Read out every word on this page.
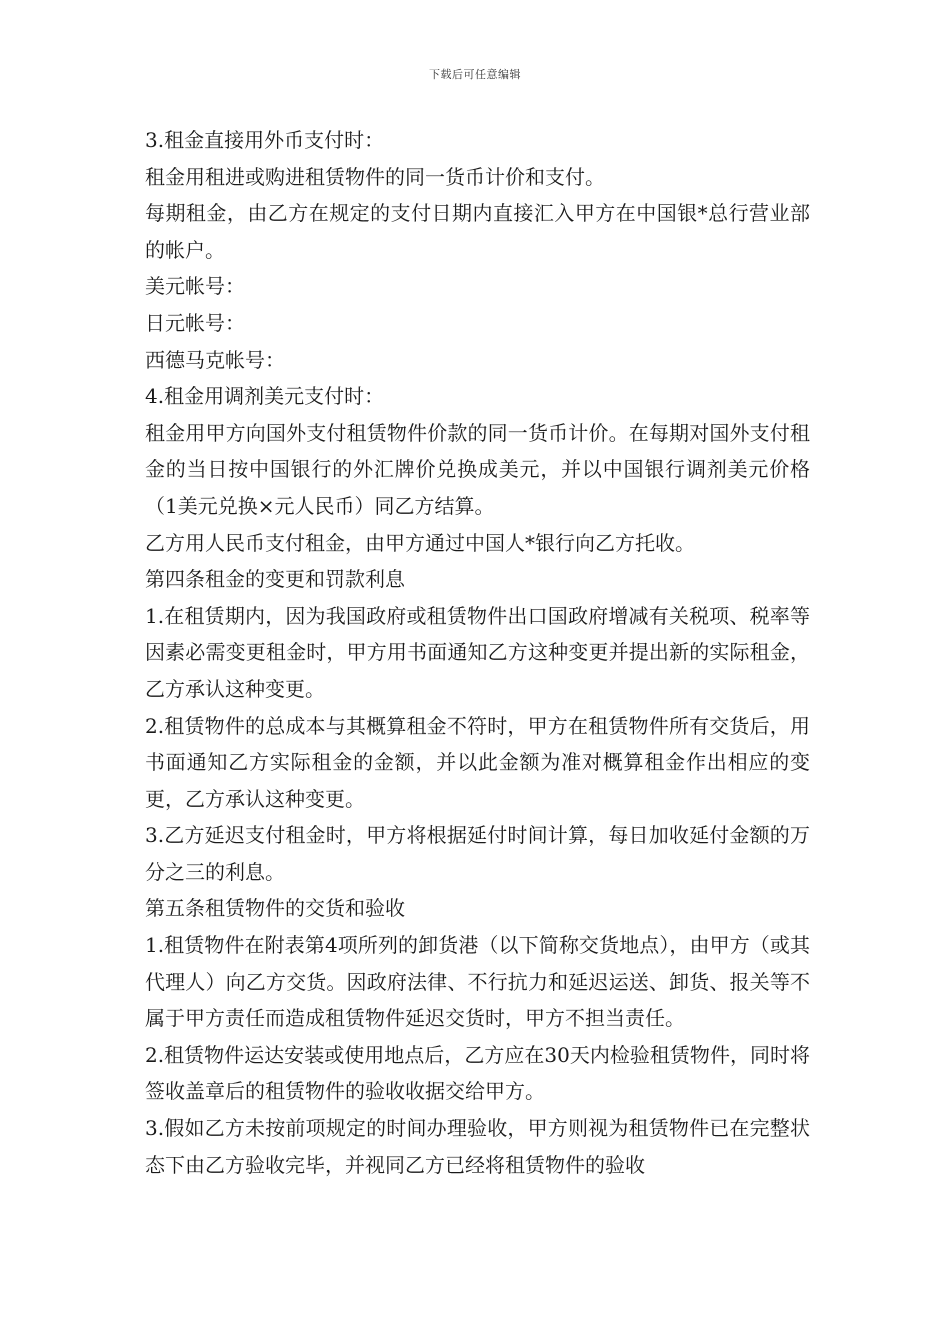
下载后可任意编辑

3.租金直接用外币支付时：

租金用租进或购进租赁物件的同一货币计价和支付。

每期租金，由乙方在规定的支付日期内直接汇入甲方在中国银*总行营业部的帐户。

美元帐号：

日元帐号：

西德马克帐号：

4.租金用调剂美元支付时：

租金用甲方向国外支付租赁物件价款的同一货币计价。在每期对国外支付租金的当日按中国银行的外汇牌价兑换成美元，并以中国银行调剂美元价格（1美元兑换×元人民币）同乙方结算。

乙方用人民币支付租金，由甲方通过中国人*银行向乙方托收。

第四条租金的变更和罚款利息

1.在租赁期内，因为我国政府或租赁物件出口国政府增减有关税项、税率等因素必需变更租金时，甲方用书面通知乙方这种变更并提出新的实际租金，乙方承认这种变更。

2.租赁物件的总成本与其概算租金不符时，甲方在租赁物件所有交货后，用书面通知乙方实际租金的金额，并以此金额为准对概算租金作出相应的变更，乙方承认这种变更。

3.乙方延迟支付租金时，甲方将根据延付时间计算，每日加收延付金额的万分之三的利息。

第五条租赁物件的交货和验收

1.租赁物件在附表第4项所列的卸货港（以下简称交货地点），由甲方（或其代理人）向乙方交货。因政府法律、不行抗力和延迟运送、卸货、报关等不属于甲方责任而造成租赁物件延迟交货时，甲方不担当责任。

2.租赁物件运达安装或使用地点后，乙方应在30天内检验租赁物件，同时将签收盖章后的租赁物件的验收收据交给甲方。

3.假如乙方未按前项规定的时间办理验收，甲方则视为租赁物件已在完整状态下由乙方验收完毕，并视同乙方已经将租赁物件的验收
